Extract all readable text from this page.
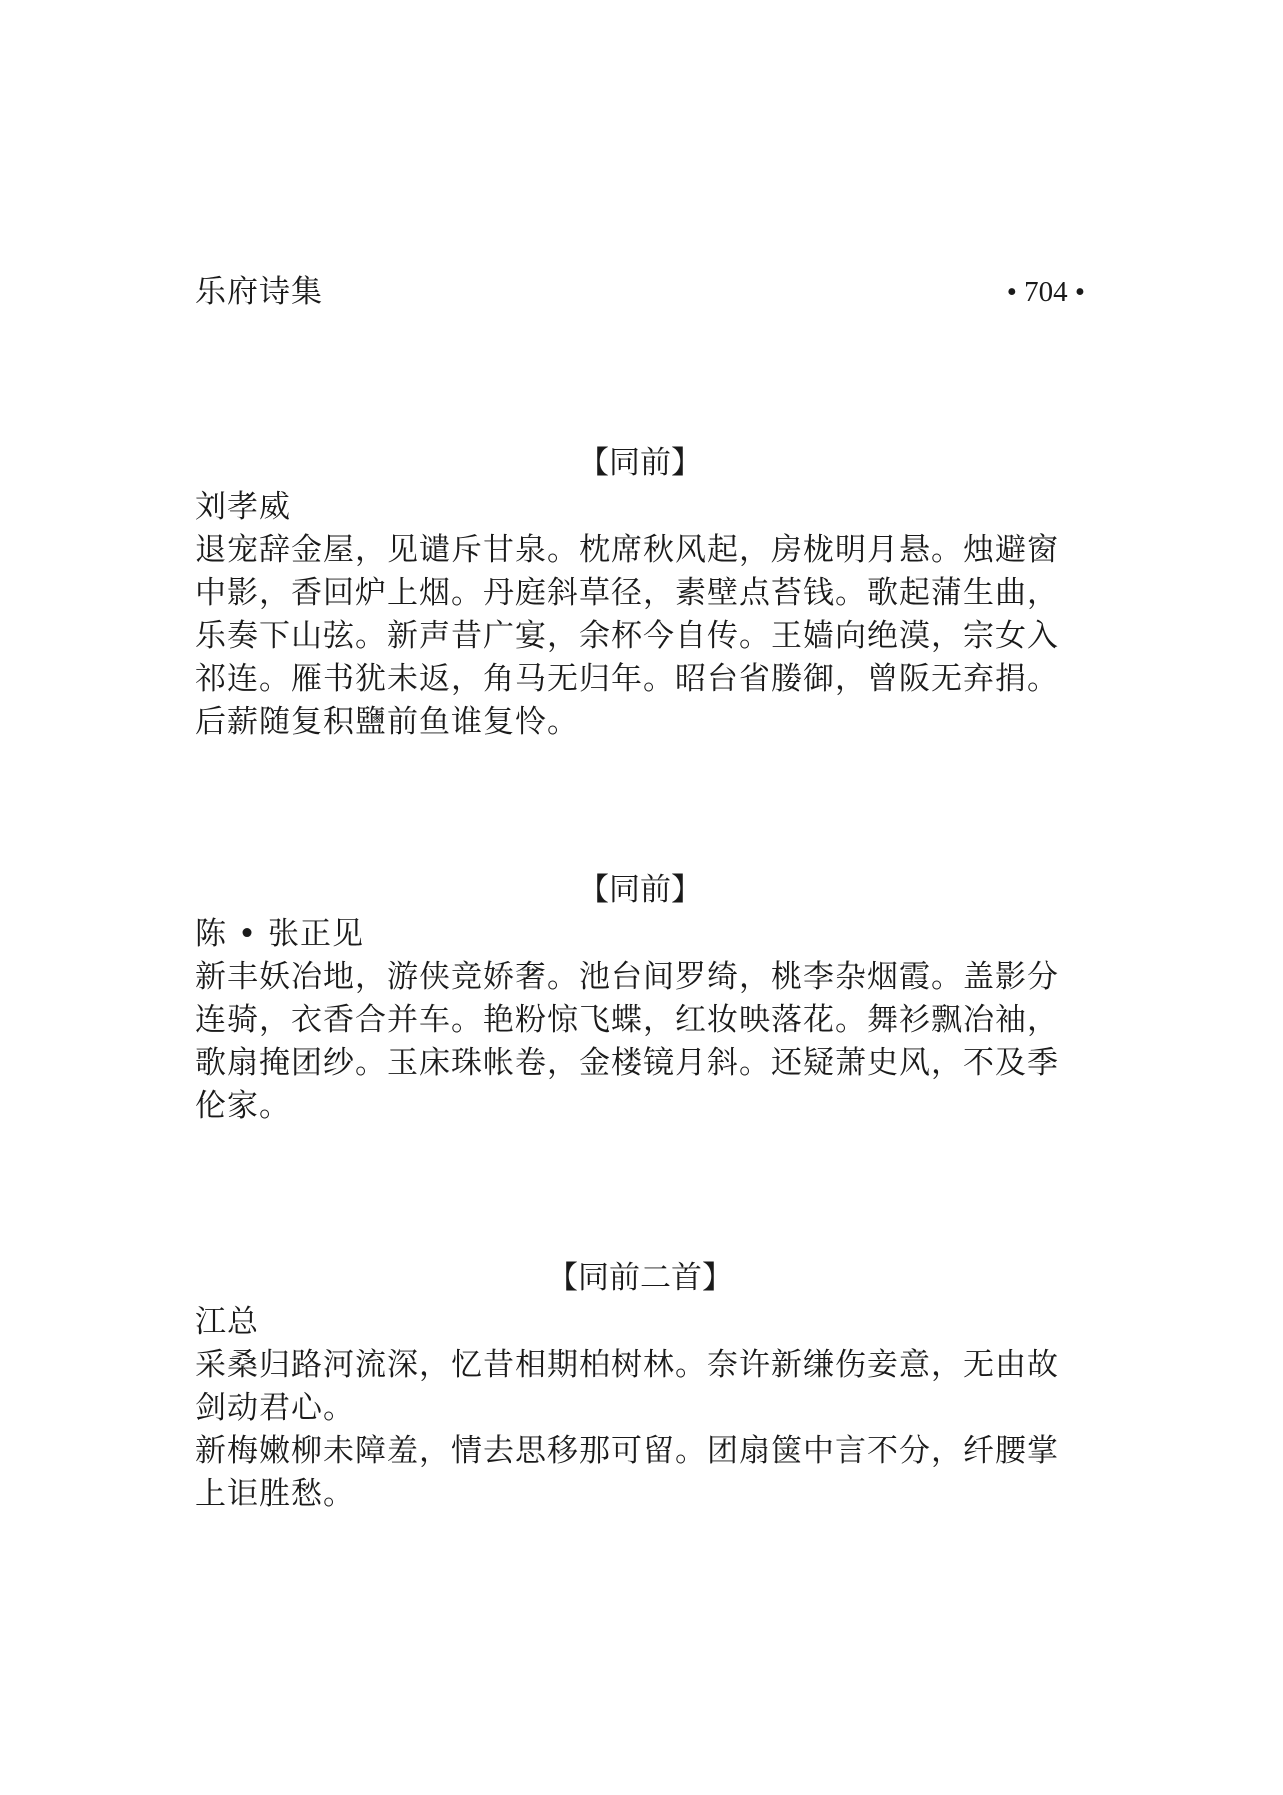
乐府诗集	• 704 •
【同前】
刘孝威
退宠辞金屋，见谴斥甘泉。枕席秋风起，房栊明月悬。烛避窗
中影，香回炉上烟。丹庭斜草径，素壁点苔钱。歌起蒲生曲，
乐奏下山弦。新声昔广宴，余杯今自传。王嫱向绝漠，宗女入
祁连。雁书犹未返，角马无归年。昭台省媵御，曾阪无弃捐。
后薪随复积鹽前鱼谁复怜。
【同前】
陈 • 张正见
新丰妖冶地，游侠竞娇奢。池台间罗绮，桃李杂烟霞。盖影分
连骑，衣香合并车。艳粉惊飞蝶，红妆映落花。舞衫飘冶袖，
歌扇掩团纱。玉床珠帐卷，金楼镜月斜。还疑萧史风，不及季
伦家。
【同前二首】
江总
采桑归路河流深，忆昔相期柏树林。奈许新缣伤妾意，无由故
剑动君心。
新梅嫩柳未障羞，情去思移那可留。团扇箧中言不分，纤腰掌
上讵胜愁。
